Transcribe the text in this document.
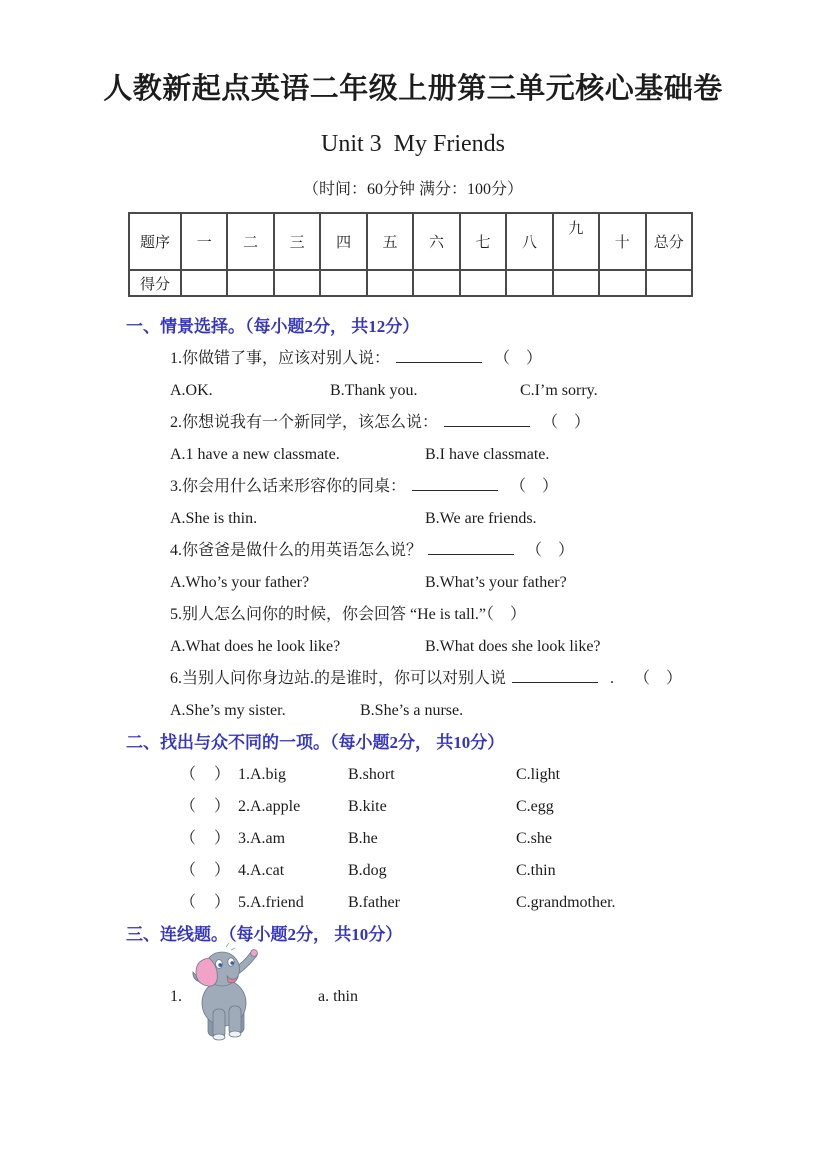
人教新起点英语二年级上册第三单元核心基础卷
Unit 3  My Friends
（时间：60分钟 满分：100分）
题序	一	二	三	四	五	六	七	八	九	十	总分
得分											
一、情景选择。（每小题2分， 共12分）
1.你做错了事，应该对别人说：	（　）
A.OK.	B.Thank you.	C.I’m sorry.
2.你想说我有一个新同学，该怎么说：	（　）
A.1 have a new classmate.	B.I have classmate.
3.你会用什么话来形容你的同桌：	（　）
A.She is thin.	B.We are friends.
4.你爸爸是做什么的用英语怎么说？	（　）
A.Who’s your father?	B.What’s your father?
5.别人怎么问你的时候，你会回答 “He is tall.”（　）
A.What does he look like?	B.What does she look like?
6.当别人问你身边站.的是谁时，你可以对别人说	. （　）
A.She’s my sister.	B.She’s a nurse.
二、找出与众不同的一项。（每小题2分， 共10分）
（ ） 1.A.big	B.short	C.light
（ ） 2.A.apple	B.kite	C.egg
（ ） 3.A.am	B.he	C.she
（ ） 4.A.cat	B.dog	C.thin
（ ） 5.A.friend	B.father	C.grandmother.
三、连线题。（每小题2分， 共10分）
1.	a. thin
